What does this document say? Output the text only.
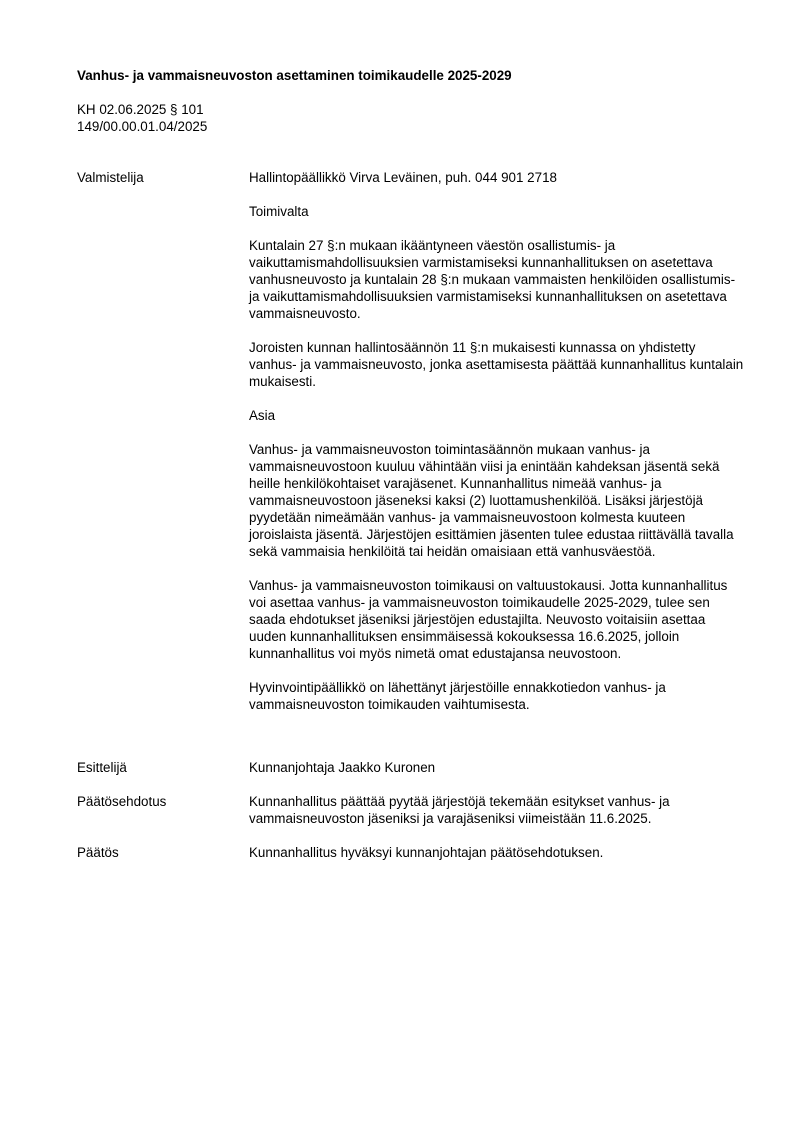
Vanhus- ja vammaisneuvoston asettaminen toimikaudelle 2025-2029
KH 02.06.2025 § 101
149/00.00.01.04/2025
Valmistelija	Hallintopäällikkö Virva Leväinen, puh. 044 901 2718

Toimivalta

Kuntalain 27 §:n mukaan ikääntyneen väestön osallistumis- ja vaikuttamismahdollisuuksien varmistamiseksi kunnanhallituksen on asetettava vanhusneuvosto ja kuntalain 28 §:n mukaan vammaisten henkilöiden osallistumis- ja vaikuttamismahdollisuuksien varmistamiseksi kunnanhallituksen on asetettava vammaisneuvosto.

Joroisten kunnan hallintosäännön 11 §:n mukaisesti kunnassa on yhdistetty vanhus- ja vammaisneuvosto, jonka asettamisesta päättää kunnanhallitus kuntalain mukaisesti.

Asia

Vanhus- ja vammaisneuvoston toimintasäännön mukaan vanhus- ja vammaisneuvostoon kuuluu vähintään viisi ja enintään kahdeksan jäsentä sekä heille henkilökohtaiset varajäsenet. Kunnanhallitus nimeää vanhus- ja vammaisneuvostoon jäseneksi kaksi (2) luottamushenkilöä. Lisäksi järjestöjä pyydetään nimeämään vanhus- ja vammaisneuvostoon kolmesta kuuteen joroislaista jäsentä. Järjestöjen esittämien jäsenten tulee edustaa riittävällä tavalla sekä vammaisia henkilöitä tai heidän omaisiaan että vanhusväestöä.

Vanhus- ja vammaisneuvoston toimikausi on valtuustokausi. Jotta kunnanhallitus voi asettaa vanhus- ja vammaisneuvoston toimikaudelle 2025-2029, tulee sen saada ehdotukset jäseniksi järjestöjen edustajilta. Neuvosto voitaisiin asettaa uuden kunnanhallituksen ensimmäisessä kokouksessa 16.6.2025, jolloin kunnanhallitus voi myös nimetä omat edustajansa neuvostoon.

Hyvinvointipäällikkö on lähettänyt järjestöille ennakkotiedon vanhus- ja vammaisneuvoston toimikauden vaihtumisesta.

Esittelijä	Kunnanjohtaja Jaakko Kuronen

Päätösehdotus	Kunnanhallitus päättää pyytää järjestöjä tekemään esitykset vanhus- ja vammaisneuvoston jäseniksi ja varajäseniksi viimeistään 11.6.2025.

Päätös	Kunnanhallitus hyväksyi kunnanjohtajan päätösehdotuksen.
